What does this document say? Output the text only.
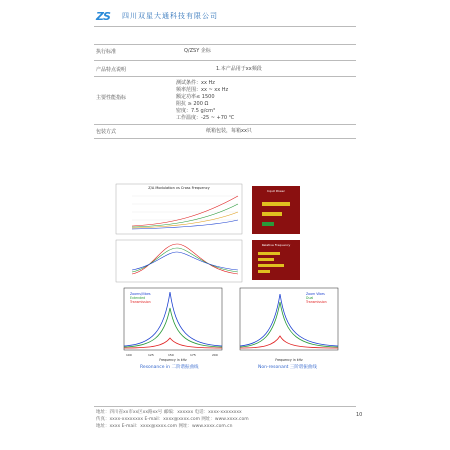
ZS 四川双星大通科技有限公司
执行标准	Q/ZSY 企标
产品特点说明	1.本产品用于xx频段
主要性能指标
测试条件：xx Hz
频率范围：xx ~ xx Hz
额定功率≤ 1500
阻抗 ≥ 200 Ω
密度：7.5 g/cm³
工作温度：-25 ~ +70 ℃
包装方式	纸箱包装，每箱xx只
Z/A Modulation vs Cross Frequency
Input Power
Relative Frequency
Zooms/Vibes
Extended
Transmission
100	125	150	175	200
Frequency in kHz
Zoom Vibes
Dual
Transmission
Frequency in kHz
Resonance in 二阶谐振曲线	Non-resonant 三阶谐振曲线
地址：四川省xx市xx区xx路xx号 邮编：xxxxxx 电话：xxxx-xxxxxxxx
传真：xxxx-xxxxxxxx E-mail：xxxx@xxxx.com 网址：www.xxxx.com
地址：xxxx E-mail：xxxx@xxxx.com 网址：www.xxxx.com.cn
10
